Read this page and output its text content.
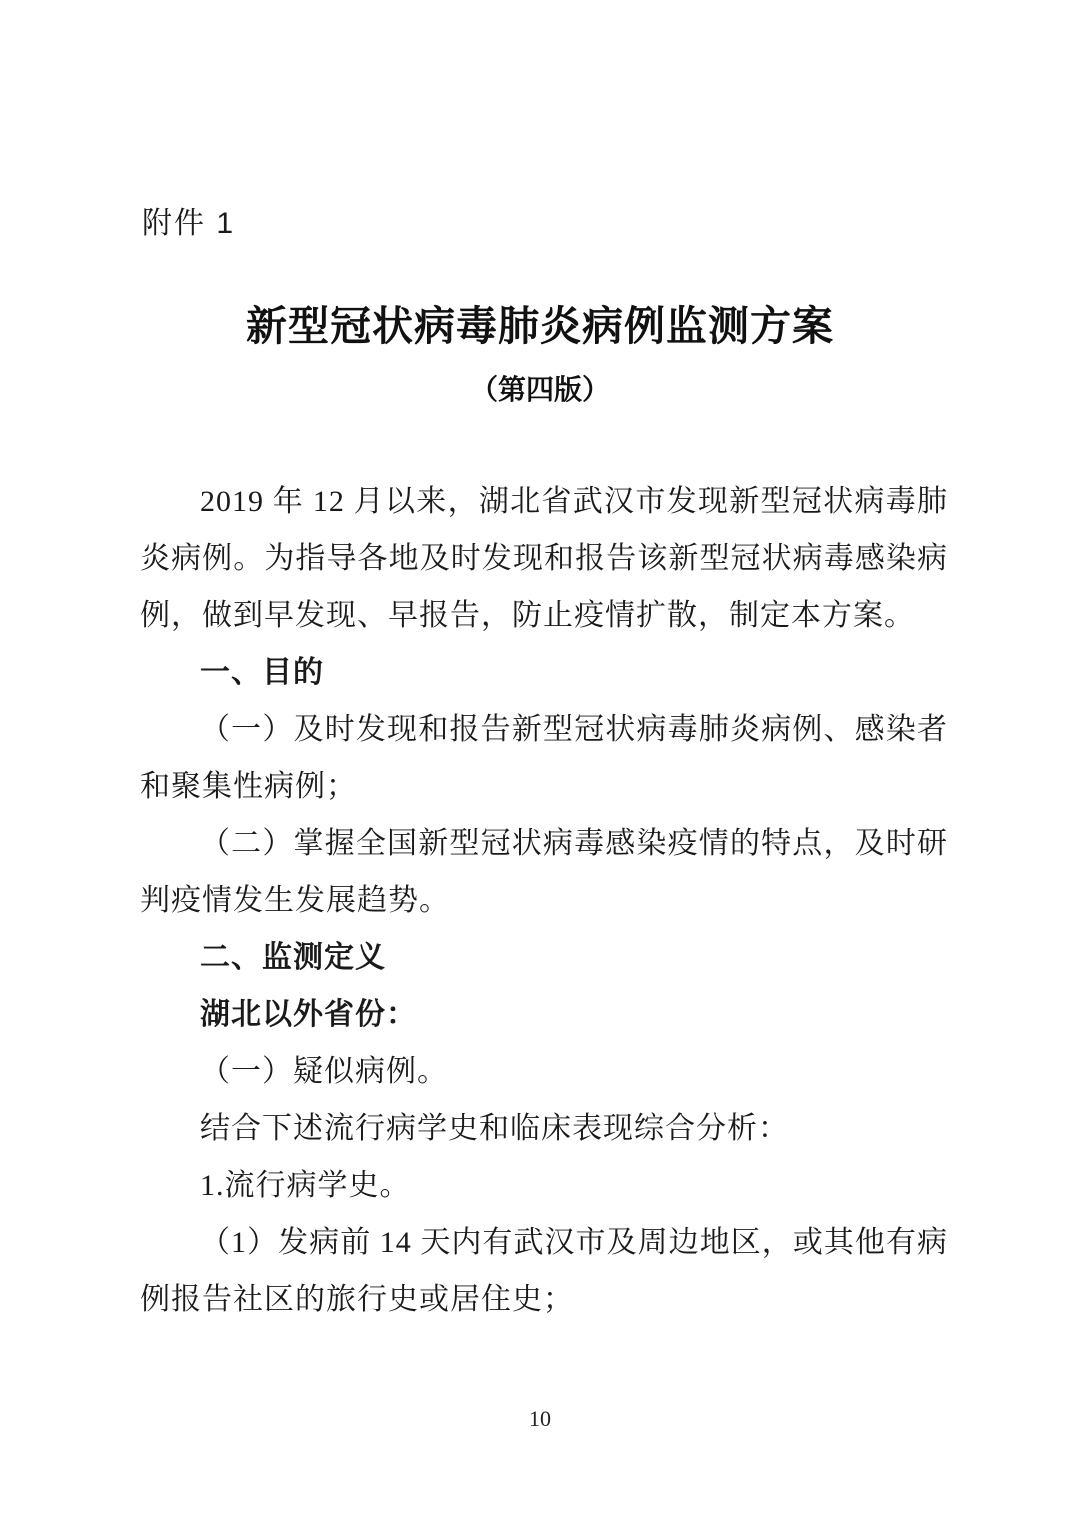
附件 1
新型冠状病毒肺炎病例监测方案
（第四版）

2019 年 12 月以来，湖北省武汉市发现新型冠状病毒肺炎病例。为指导各地及时发现和报告该新型冠状病毒感染病例，做到早发现、早报告，防止疫情扩散，制定本方案。

一、目的

（一）及时发现和报告新型冠状病毒肺炎病例、感染者和聚集性病例；

（二）掌握全国新型冠状病毒感染疫情的特点，及时研判疫情发生发展趋势。

二、监测定义

湖北以外省份：

（一）疑似病例。

结合下述流行病学史和临床表现综合分析：

1.流行病学史。

（1）发病前 14 天内有武汉市及周边地区，或其他有病例报告社区的旅行史或居住史；

10
